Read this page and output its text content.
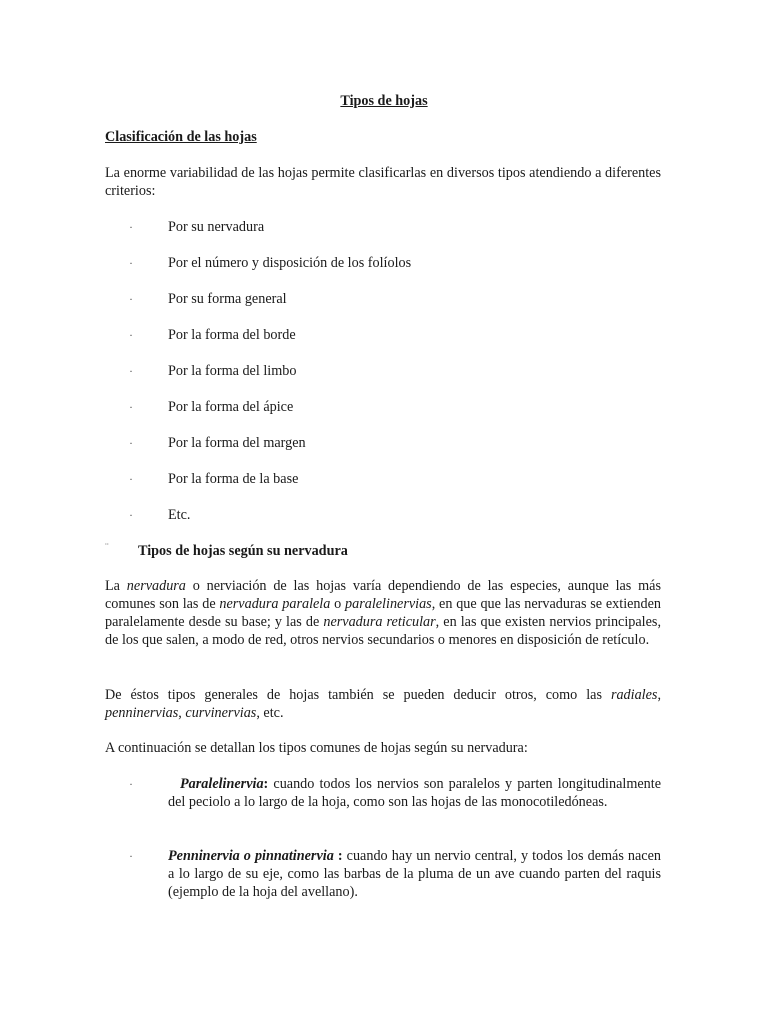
Tipos de hojas
Clasificación de las hojas
La enorme variabilidad de las hojas permite clasificarlas en diversos tipos atendiendo a diferentes criterios:
· Por su nervadura
· Por el número y disposición de los folíolos
· Por su forma general
· Por la forma del borde
· Por la forma del limbo
· Por la forma del ápice
· Por la forma del margen
· Por la forma de la base
· Etc.
¨ Tipos de hojas según su nervadura
La nervadura o nerviación de las hojas varía dependiendo de las especies, aunque las más comunes son las de nervadura paralela o paralelinervias, en que que las nervaduras se extienden paralelamente desde su base; y las de nervadura reticular, en las que existen nervios principales, de los que salen, a modo de red, otros nervios secundarios o menores en disposición de retículo.
De éstos tipos generales de hojas también se pueden deducir otros, como las radiales, penninervias, curvinervias, etc.
A continuación se detallan los tipos comunes de hojas según su nervadura:
·	Paralelinervia: cuando todos los nervios son paralelos y parten longitudinalmente del peciolo a lo largo de la hoja, como son las hojas de las monocotiledóneas.
· Penninervia o pinnatinervia : cuando hay un nervio central, y todos los demás nacen a lo largo de su eje, como las barbas de la pluma de un ave cuando parten del raquis (ejemplo de la hoja del avellano).
